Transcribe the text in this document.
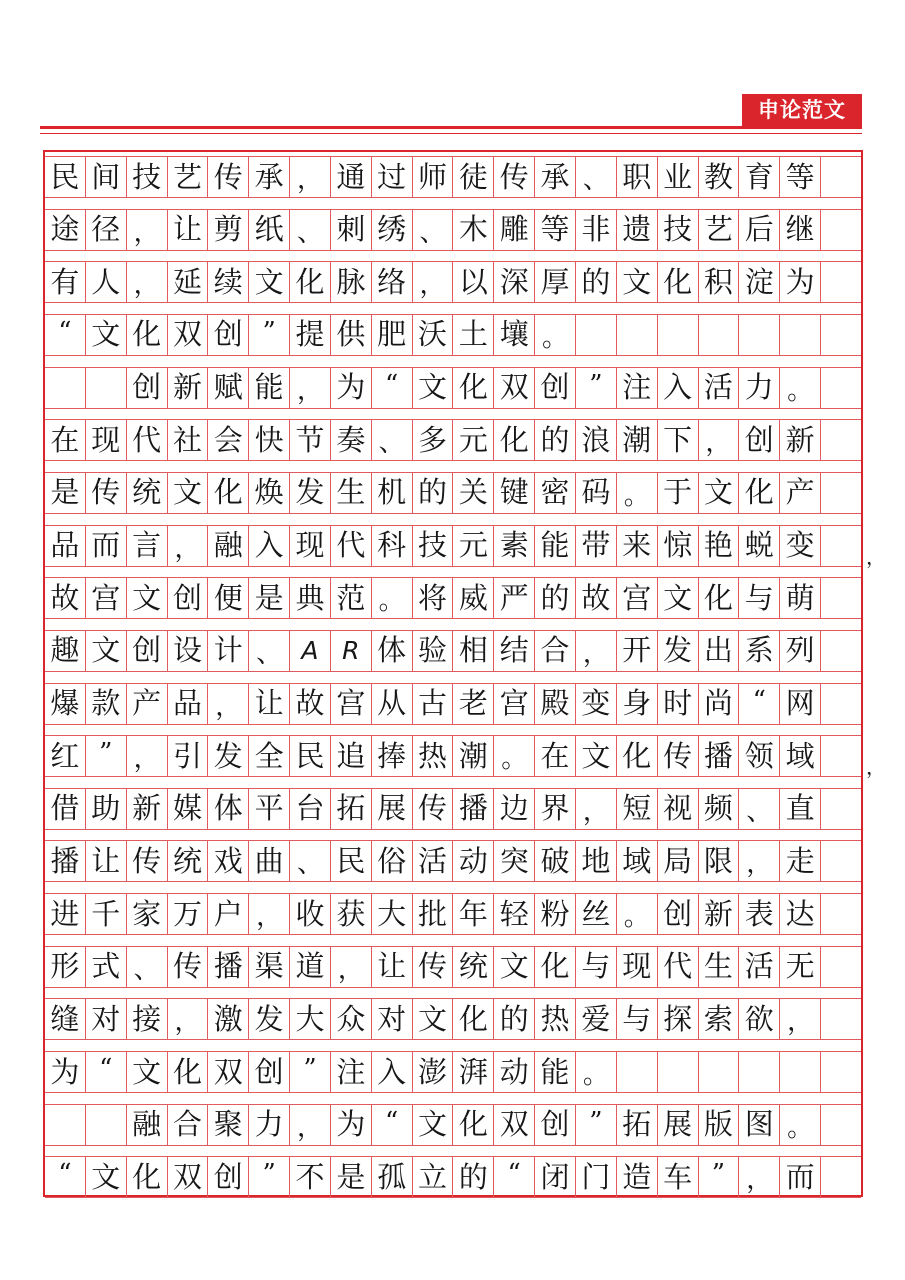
申论范文
民 间 技 艺 传 承 ， 通 过 师 徒 传 承 、 职 业 教 育 等
途 径 ， 让 剪 纸 、 刺 绣 、 木 雕 等 非 遗 技 艺 后 继
有 人 ， 延 续 文 化 脉 络 ， 以 深 厚 的 文 化 积 淀 为
“ 文 化 双 创 ” 提 供 肥 沃 土 壤 。
创 新 赋 能 ， 为 “ 文 化 双 创 ” 注 入 活 力 。
在 现 代 社 会 快 节 奏 、 多 元 化 的 浪 潮 下 ， 创 新
是 传 统 文 化 焕 发 生 机 的 关 键 密 码 。 于 文 化 产
品 而 言 ， 融 入 现 代 科 技 元 素 能 带 来 惊 艳 蜕 变
故 宫 文 创 便 是 典 范 。 将 威 严 的 故 宫 文 化 与 萌
趣 文 创 设 计 、 A R 体 验 相 结 合 ， 开 发 出 系 列
爆 款 产 品 ， 让 故 宫 从 古 老 宫 殿 变 身 时 尚 “ 网
红 ” ， 引 发 全 民 追 捧 热 潮 。 在 文 化 传 播 领 域
借 助 新 媒 体 平 台 拓 展 传 播 边 界 ， 短 视 频 、 直
播 让 传 统 戏 曲 、 民 俗 活 动 突 破 地 域 局 限 ， 走
进 千 家 万 户 ， 收 获 大 批 年 轻 粉 丝 。 创 新 表 达
形 式 、 传 播 渠 道 ， 让 传 统 文 化 与 现 代 生 活 无
缝 对 接 ， 激 发 大 众 对 文 化 的 热 爱 与 探 索 欲 ，
为 “ 文 化 双 创 ” 注 入 澎 湃 动 能 。
融 合 聚 力 ， 为 “ 文 化 双 创 ” 拓 展 版 图 。
“ 文 化 双 创 ” 不 是 孤 立 的 “ 闭 门 造 车 ” ， 而
，
，
